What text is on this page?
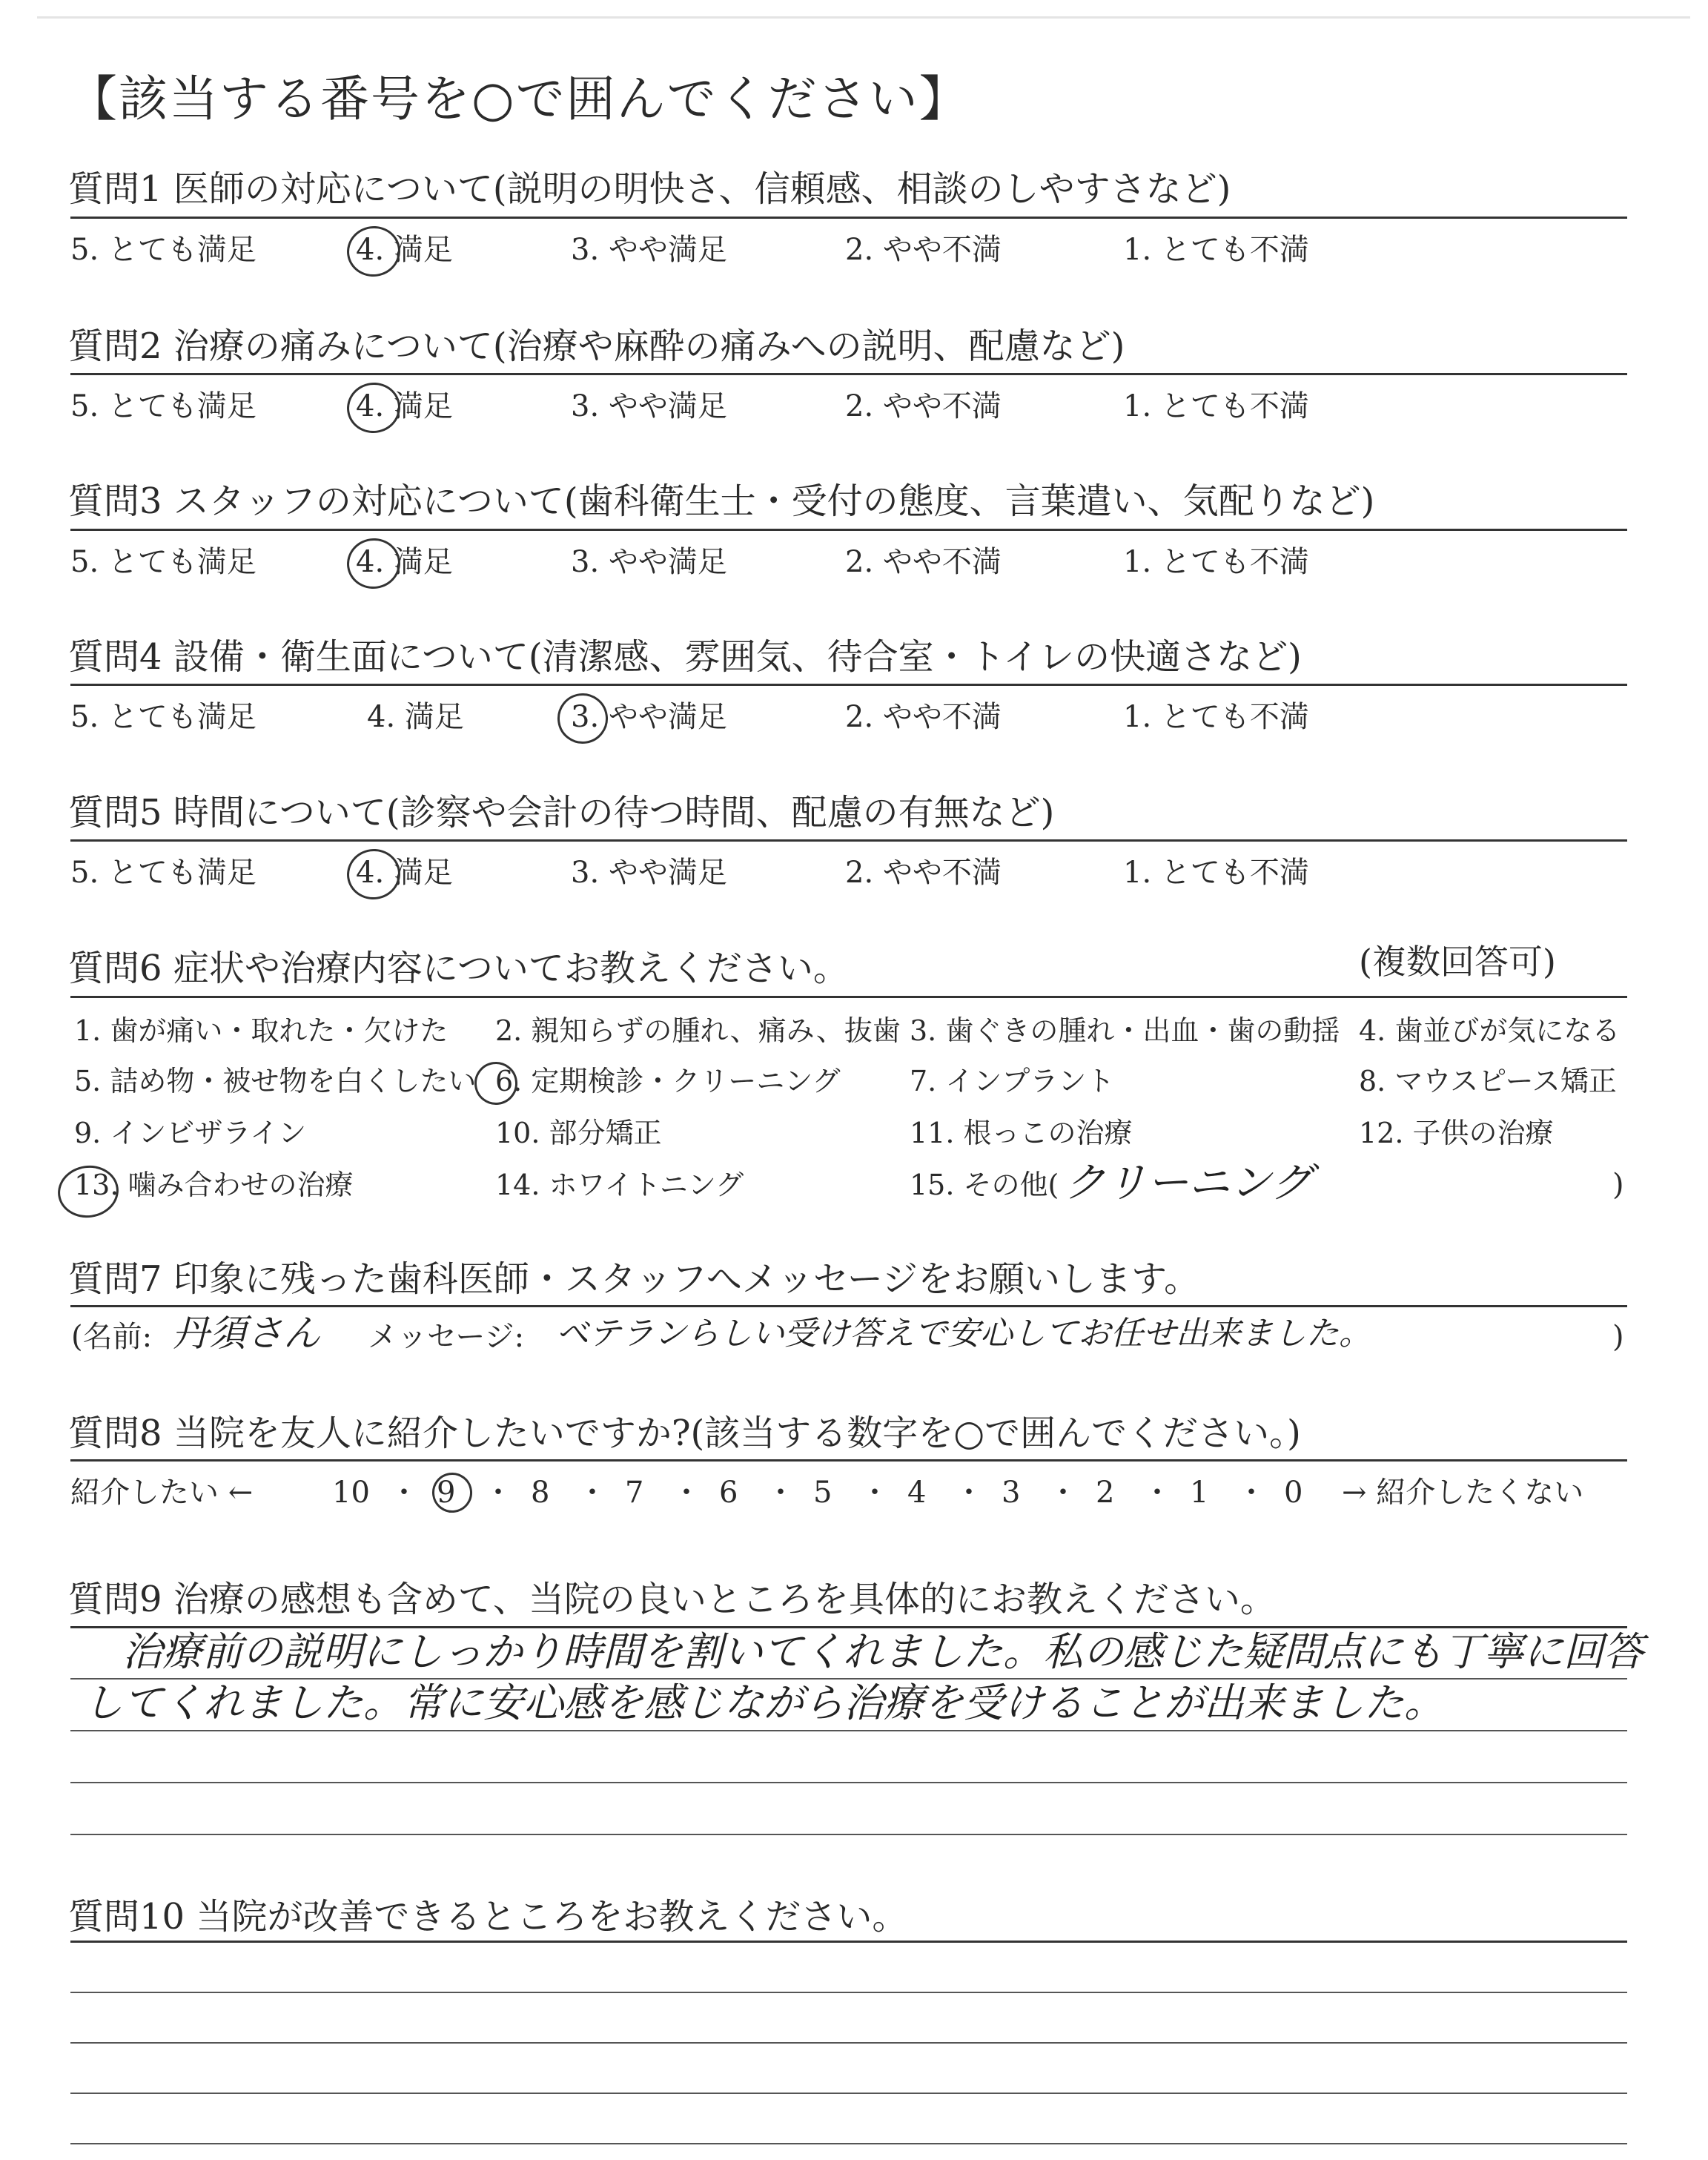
【該当する番号を○で囲んでください】
質問1 医師の対応について(説明の明快さ、信頼感、相談のしやすさなど)
5. とても満足	4. 満足	3. やや満足	2. やや不満	1. とても不満
質問2 治療の痛みについて(治療や麻酔の痛みへの説明、配慮など)
5. とても満足	4. 満足	3. やや満足	2. やや不満	1. とても不満
質問3 スタッフの対応について(歯科衛生士・受付の態度、言葉遣い、気配りなど)
5. とても満足	4. 満足	3. やや満足	2. やや不満	1. とても不満
質問4 設備・衛生面について(清潔感、雰囲気、待合室・トイレの快適さなど)
5. とても満足	4. 満足	3. やや満足	2. やや不満	1. とても不満
質問5 時間について(診察や会計の待つ時間、配慮の有無など)
5. とても満足	4. 満足	3. やや満足	2. やや不満	1. とても不満
質問6 症状や治療内容についてお教えください。	(複数回答可)
1. 歯が痛い・取れた・欠けた 2. 親知らずの腫れ、痛み、抜歯 3. 歯ぐきの腫れ・出血・歯の動揺 4. 歯並びが気になる
5. 詰め物・被せ物を白くしたい 6. 定期検診・クリーニング 7. インプラント	8. マウスピース矯正
9. インビザライン	10. 部分矯正	11. 根っこの治療	12. 子供の治療
13. 噛み合わせの治療	14. ホワイトニング	15. その他( クリーニング	)
質問7 印象に残った歯科医師・スタッフへメッセージをお願いします。
(名前: 丹須さん メッセージ: ベテランらしい受け答えで安心してお任せ出来ました。	)
質問8 当院を友人に紹介したいですか?(該当する数字を○で囲んでください。)
紹介したい ←	→ 紹介したくない
10 ・ 9 ・ 8 ・ 7 ・ 6 ・ 5 ・ 4 ・ 3 ・ 2 ・ 1 ・ 0
質問9 治療の感想も含めて、当院の良いところを具体的にお教えください。
治療前の説明にしっかり時間を割いてくれました。私の感じた疑問点にも丁寧に回答
してくれました。常に安心感を感じながら治療を受けることが出来ました。
質問10 当院が改善できるところをお教えください。
